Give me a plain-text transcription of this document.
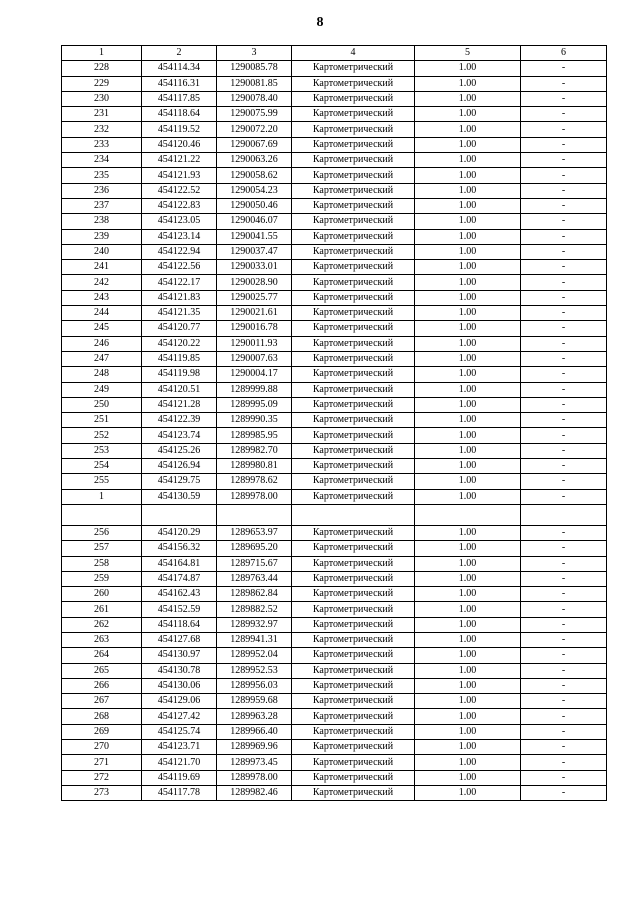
8
1	2	3	4	5	6
228	454114.34	1290085.78	Картометрический	1.00	-
229	454116.31	1290081.85	Картометрический	1.00	-
230	454117.85	1290078.40	Картометрический	1.00	-
231	454118.64	1290075.99	Картометрический	1.00	-
232	454119.52	1290072.20	Картометрический	1.00	-
233	454120.46	1290067.69	Картометрический	1.00	-
234	454121.22	1290063.26	Картометрический	1.00	-
235	454121.93	1290058.62	Картометрический	1.00	-
236	454122.52	1290054.23	Картометрический	1.00	-
237	454122.83	1290050.46	Картометрический	1.00	-
238	454123.05	1290046.07	Картометрический	1.00	-
239	454123.14	1290041.55	Картометрический	1.00	-
240	454122.94	1290037.47	Картометрический	1.00	-
241	454122.56	1290033.01	Картометрический	1.00	-
242	454122.17	1290028.90	Картометрический	1.00	-
243	454121.83	1290025.77	Картометрический	1.00	-
244	454121.35	1290021.61	Картометрический	1.00	-
245	454120.77	1290016.78	Картометрический	1.00	-
246	454120.22	1290011.93	Картометрический	1.00	-
247	454119.85	1290007.63	Картометрический	1.00	-
248	454119.98	1290004.17	Картометрический	1.00	-
249	454120.51	1289999.88	Картометрический	1.00	-
250	454121.28	1289995.09	Картометрический	1.00	-
251	454122.39	1289990.35	Картометрический	1.00	-
252	454123.74	1289985.95	Картометрический	1.00	-
253	454125.26	1289982.70	Картометрический	1.00	-
254	454126.94	1289980.81	Картометрический	1.00	-
255	454129.75	1289978.62	Картометрический	1.00	-
1	454130.59	1289978.00	Картометрический	1.00	-

256	454120.29	1289653.97	Картометрический	1.00	-
257	454156.32	1289695.20	Картометрический	1.00	-
258	454164.81	1289715.67	Картометрический	1.00	-
259	454174.87	1289763.44	Картометрический	1.00	-
260	454162.43	1289862.84	Картометрический	1.00	-
261	454152.59	1289882.52	Картометрический	1.00	-
262	454118.64	1289932.97	Картометрический	1.00	-
263	454127.68	1289941.31	Картометрический	1.00	-
264	454130.97	1289952.04	Картометрический	1.00	-
265	454130.78	1289952.53	Картометрический	1.00	-
266	454130.06	1289956.03	Картометрический	1.00	-
267	454129.06	1289959.68	Картометрический	1.00	-
268	454127.42	1289963.28	Картометрический	1.00	-
269	454125.74	1289966.40	Картометрический	1.00	-
270	454123.71	1289969.96	Картометрический	1.00	-
271	454121.70	1289973.45	Картометрический	1.00	-
272	454119.69	1289978.00	Картометрический	1.00	-
273	454117.78	1289982.46	Картометрический	1.00	-
